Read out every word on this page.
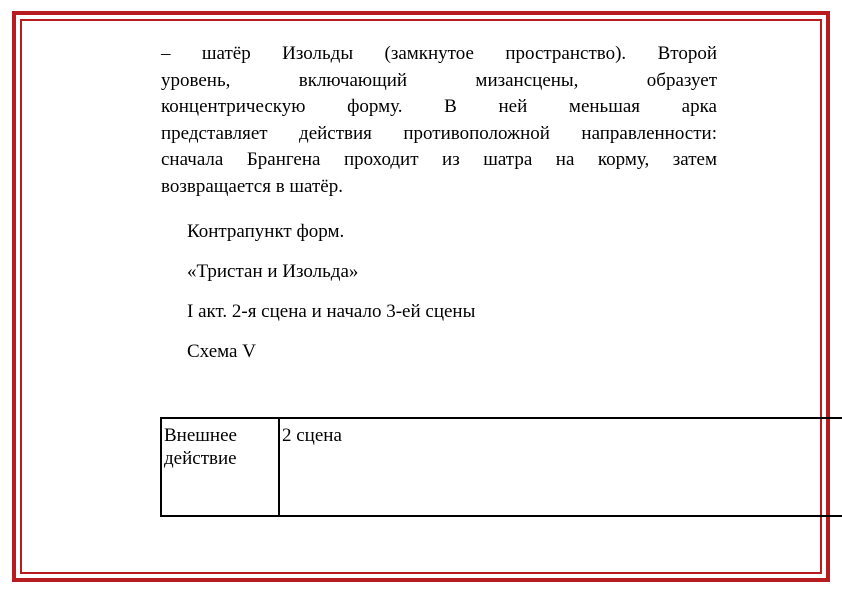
– шатёр Изольды (замкнутое пространство). Второй
уровень, включающий мизансцены, образует
концентрическую форму. В ней меньшая арка
представляет действия противоположной направленности:
сначала Брангена проходит из шатра на корму, затем
возвращается в шатёр.

Контрапункт форм.

«Тристан и Изольда»

I акт. 2-я сцена и начало 3-ей сцены

Схема V

Внешнее действие	2 сцена
